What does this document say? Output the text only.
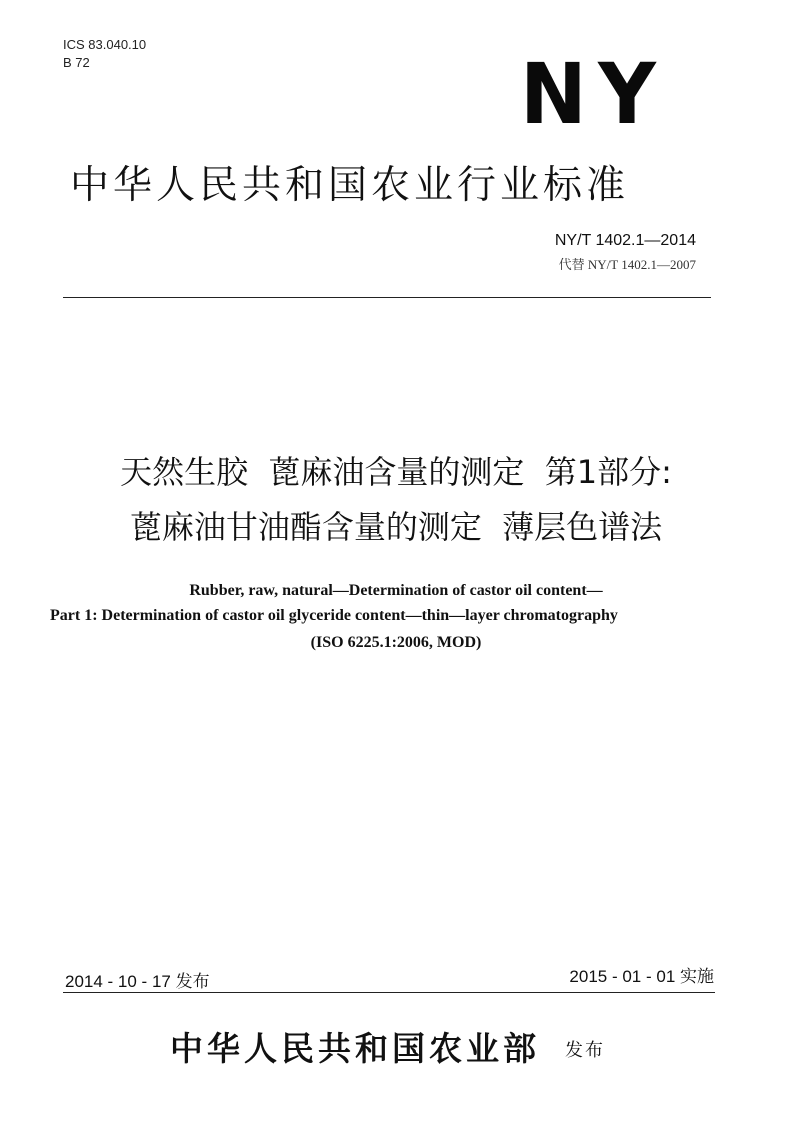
ICS 83.040.10
B 72	NY
中华人民共和国农业行业标准
NY/T 1402.1—2014
代替 NY/T 1402.1—2007
天然生胶  蓖麻油含量的测定  第1部分:
蓖麻油甘油酯含量的测定  薄层色谱法
Rubber, raw, natural—Determination of castor oil content—
Part 1: Determination of castor oil glyceride content—thin—layer chromatography
(ISO 6225.1:2006, MOD)
2014 - 10 - 17 发布	2015 - 01 - 01 实施
中华人民共和国农业部 发布
